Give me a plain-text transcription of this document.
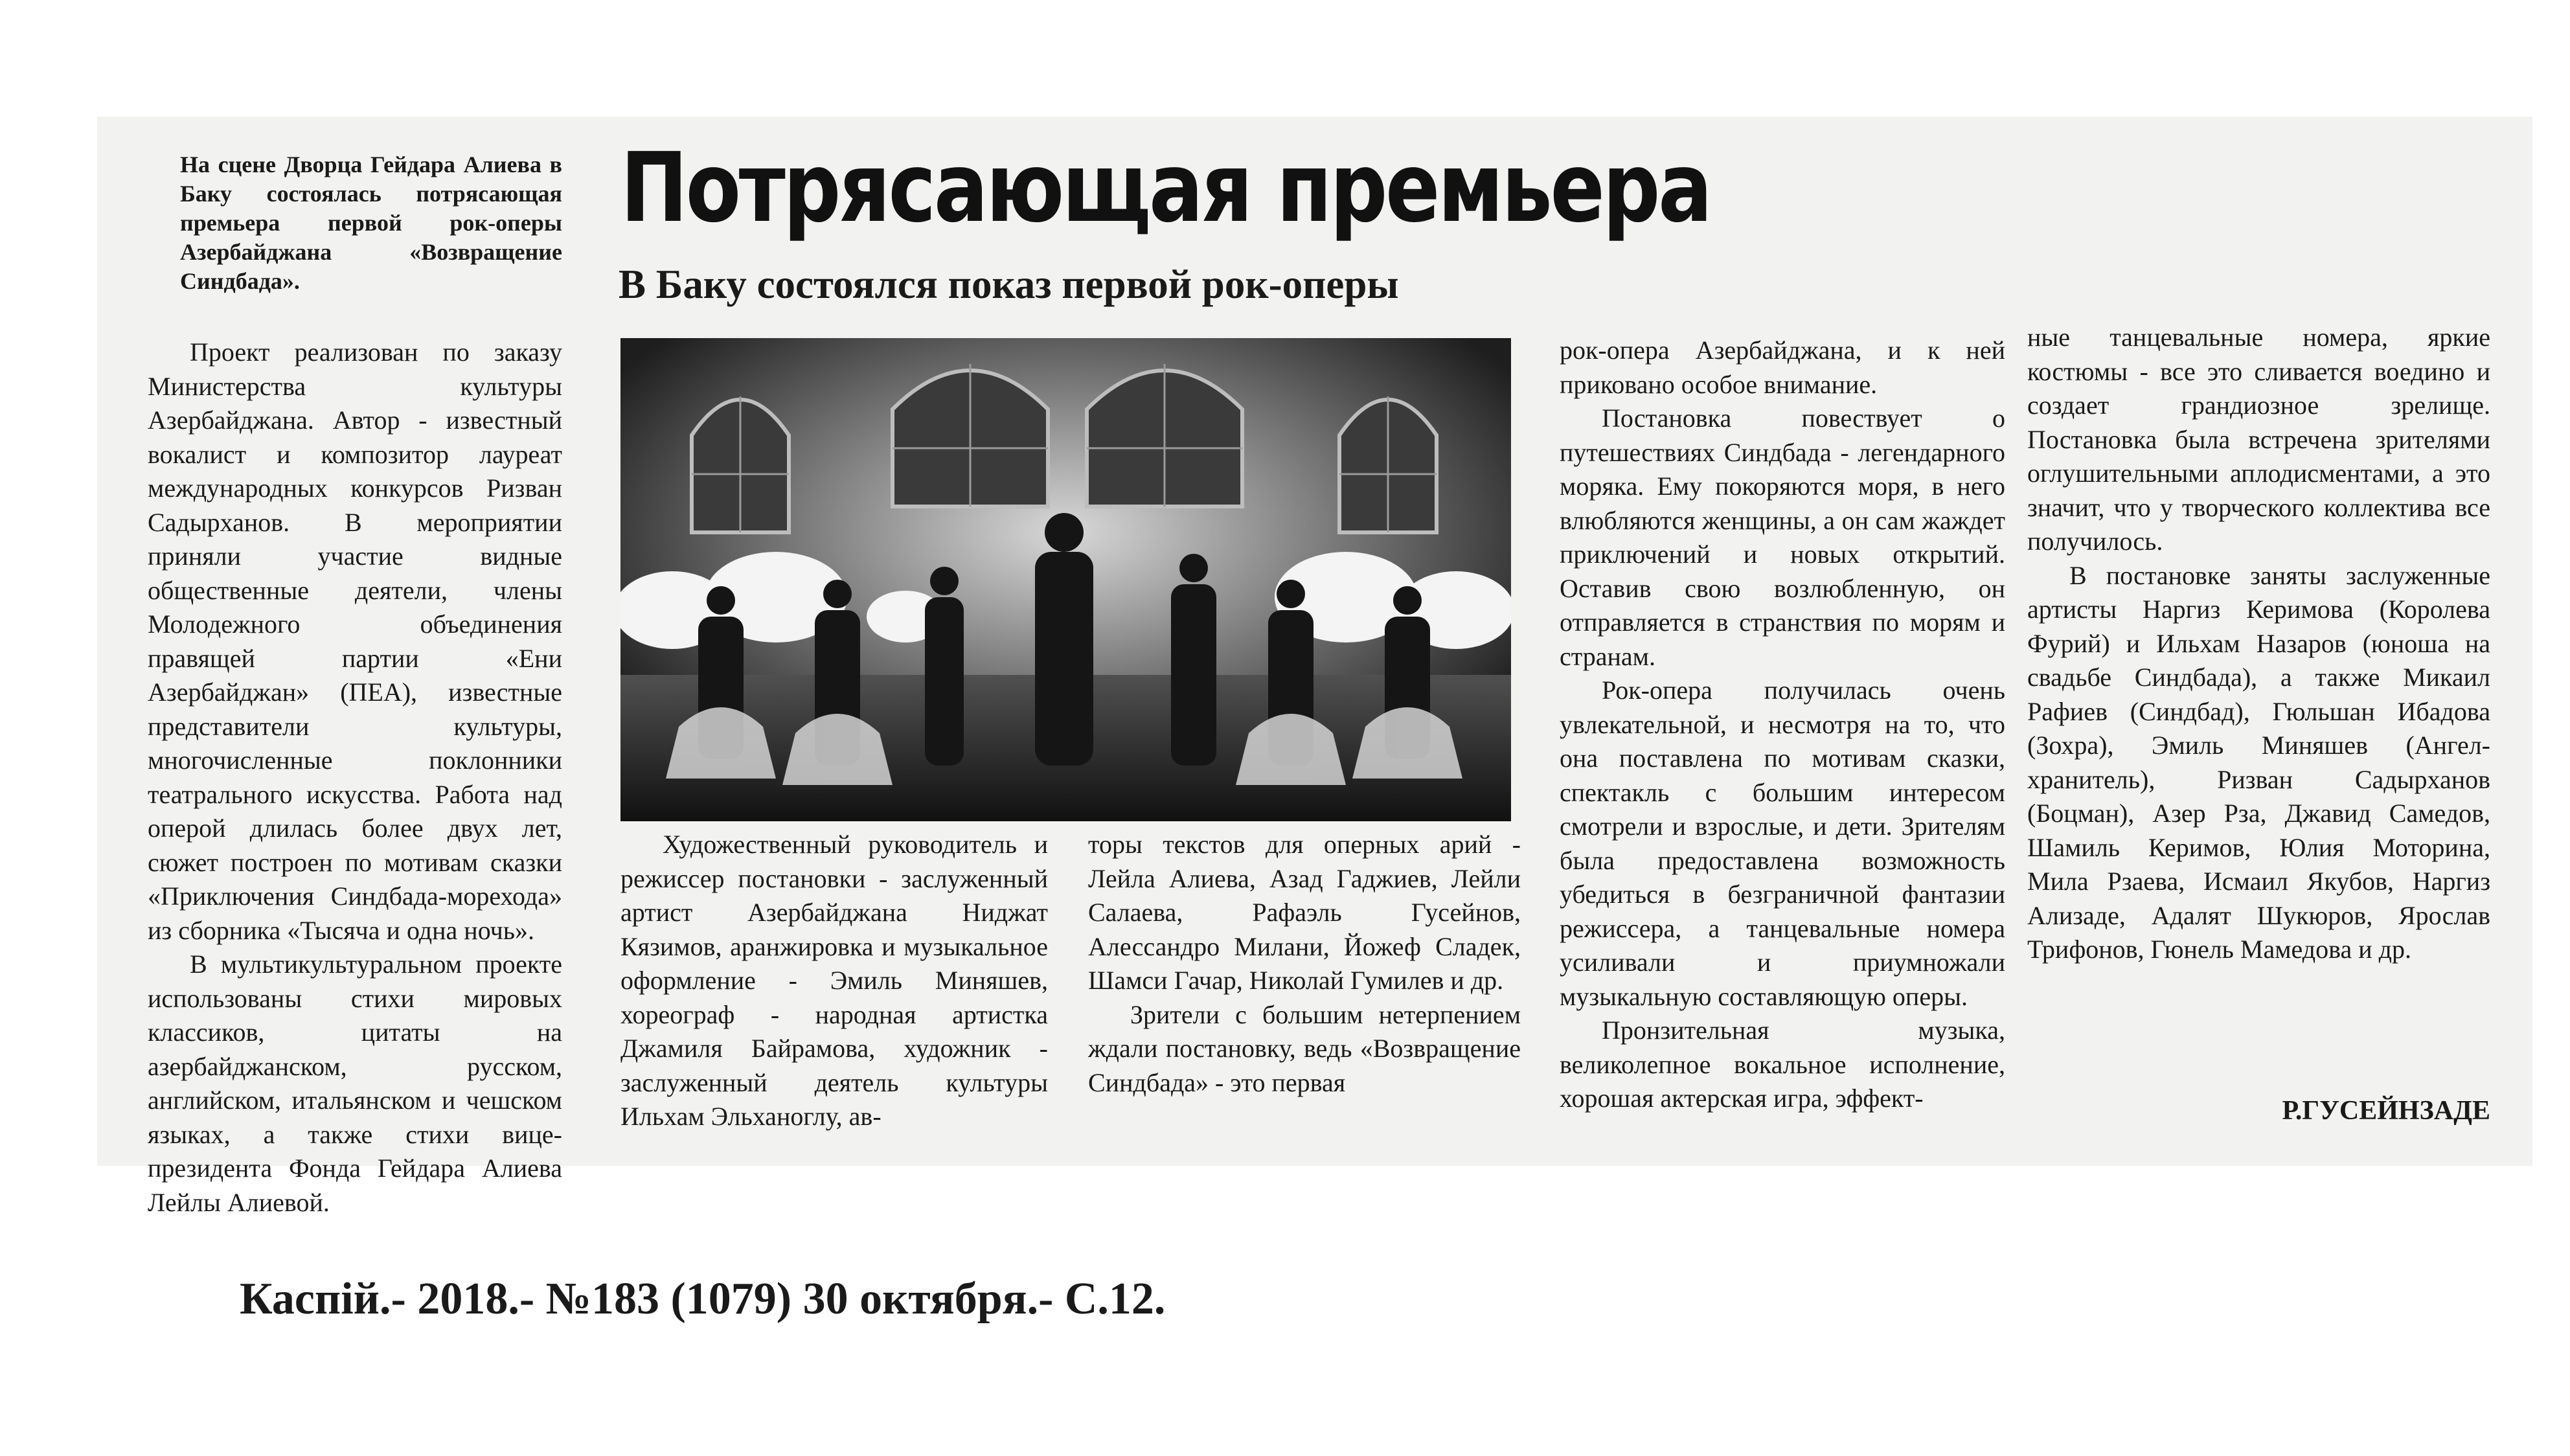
На сцене Дворца Гейдара Алиева в Баку состоялась потрясающая премьера первой рок-оперы Азербайджана «Возвращение Синдбада».

Потрясающая премьера
В Баку состоялся показ первой рок-оперы

Проект реализован по заказу Министерства культуры Азербайджана. Автор - известный вокалист и композитор лауреат международных конкурсов Ризван Садырханов. В мероприятии приняли участие видные общественные деятели, члены Молодежного объединения правящей партии «Ени Азербайджан» (ПЕА), известные представители культуры, многочисленные поклонники театрального искусства. Работа над оперой длилась более двух лет, сюжет построен по мотивам сказки «Приключения Синдбада-морехода» из сборника «Тысяча и одна ночь».

В мультикультуральном проекте использованы стихи мировых классиков, цитаты на азербайджанском, русском, английском, итальянском и чешском языках, а также стихи вице-президента Фонда Гейдара Алиева Лейлы Алиевой.

Художественный руководитель и режиссер постановки - заслуженный артист Азербайджана Ниджат Кязимов, аранжировка и музыкальное оформление - Эмиль Миняшев, хореограф - народная артистка Джамиля Байрамова, художник - заслуженный деятель культуры Ильхам Эльханоглу, ав-

торы текстов для оперных арий - Лейла Алиева, Азад Гаджиев, Лейли Салаева, Рафаэль Гусейнов, Алессандро Милани, Йожеф Сладек, Шамси Гачар, Николай Гумилев и др.

Зрители с большим нетерпением ждали постановку, ведь «Возвращение Синдбада» - это первая

рок-опера Азербайджана, и к ней приковано особое внимание.

Постановка повествует о путешествиях Синдбада - легендарного моряка. Ему покоряются моря, в него влюбляются женщины, а он сам жаждет приключений и новых открытий. Оставив свою возлюбленную, он отправляется в странствия по морям и странам.

Рок-опера получилась очень увлекательной, и несмотря на то, что она поставлена по мотивам сказки, спектакль с большим интересом смотрели и взрослые, и дети. Зрителям была предоставлена возможность убедиться в безграничной фантазии режиссера, а танцевальные номера усиливали и приумножали музыкальную составляющую оперы.

Пронзительная музыка, великолепное вокальное исполнение, хорошая актерская игра, эффект-

ные танцевальные номера, яркие костюмы - все это сливается воедино и создает грандиозное зрелище. Постановка была встречена зрителями оглушительными аплодисментами, а это значит, что у творческого коллектива все получилось.

В постановке заняты заслуженные артисты Наргиз Керимова (Королева Фурий) и Ильхам Назаров (юноша на свадьбе Синдбада), а также Микаил Рафиев (Синдбад), Гюльшан Ибадова (Зохра), Эмиль Миняшев (Ангел-хранитель), Ризван Садырханов (Боцман), Азер Рза, Джавид Самедов, Шамиль Керимов, Юлия Моторина, Мила Рзаева, Исмаил Якубов, Наргиз Ализаде, Адалят Шукюров, Ярослав Трифонов, Гюнель Мамедова и др.

Р.ГУСЕЙНЗАДЕ

Каспій.- 2018.- №183 (1079) 30 октября.- С.12.
